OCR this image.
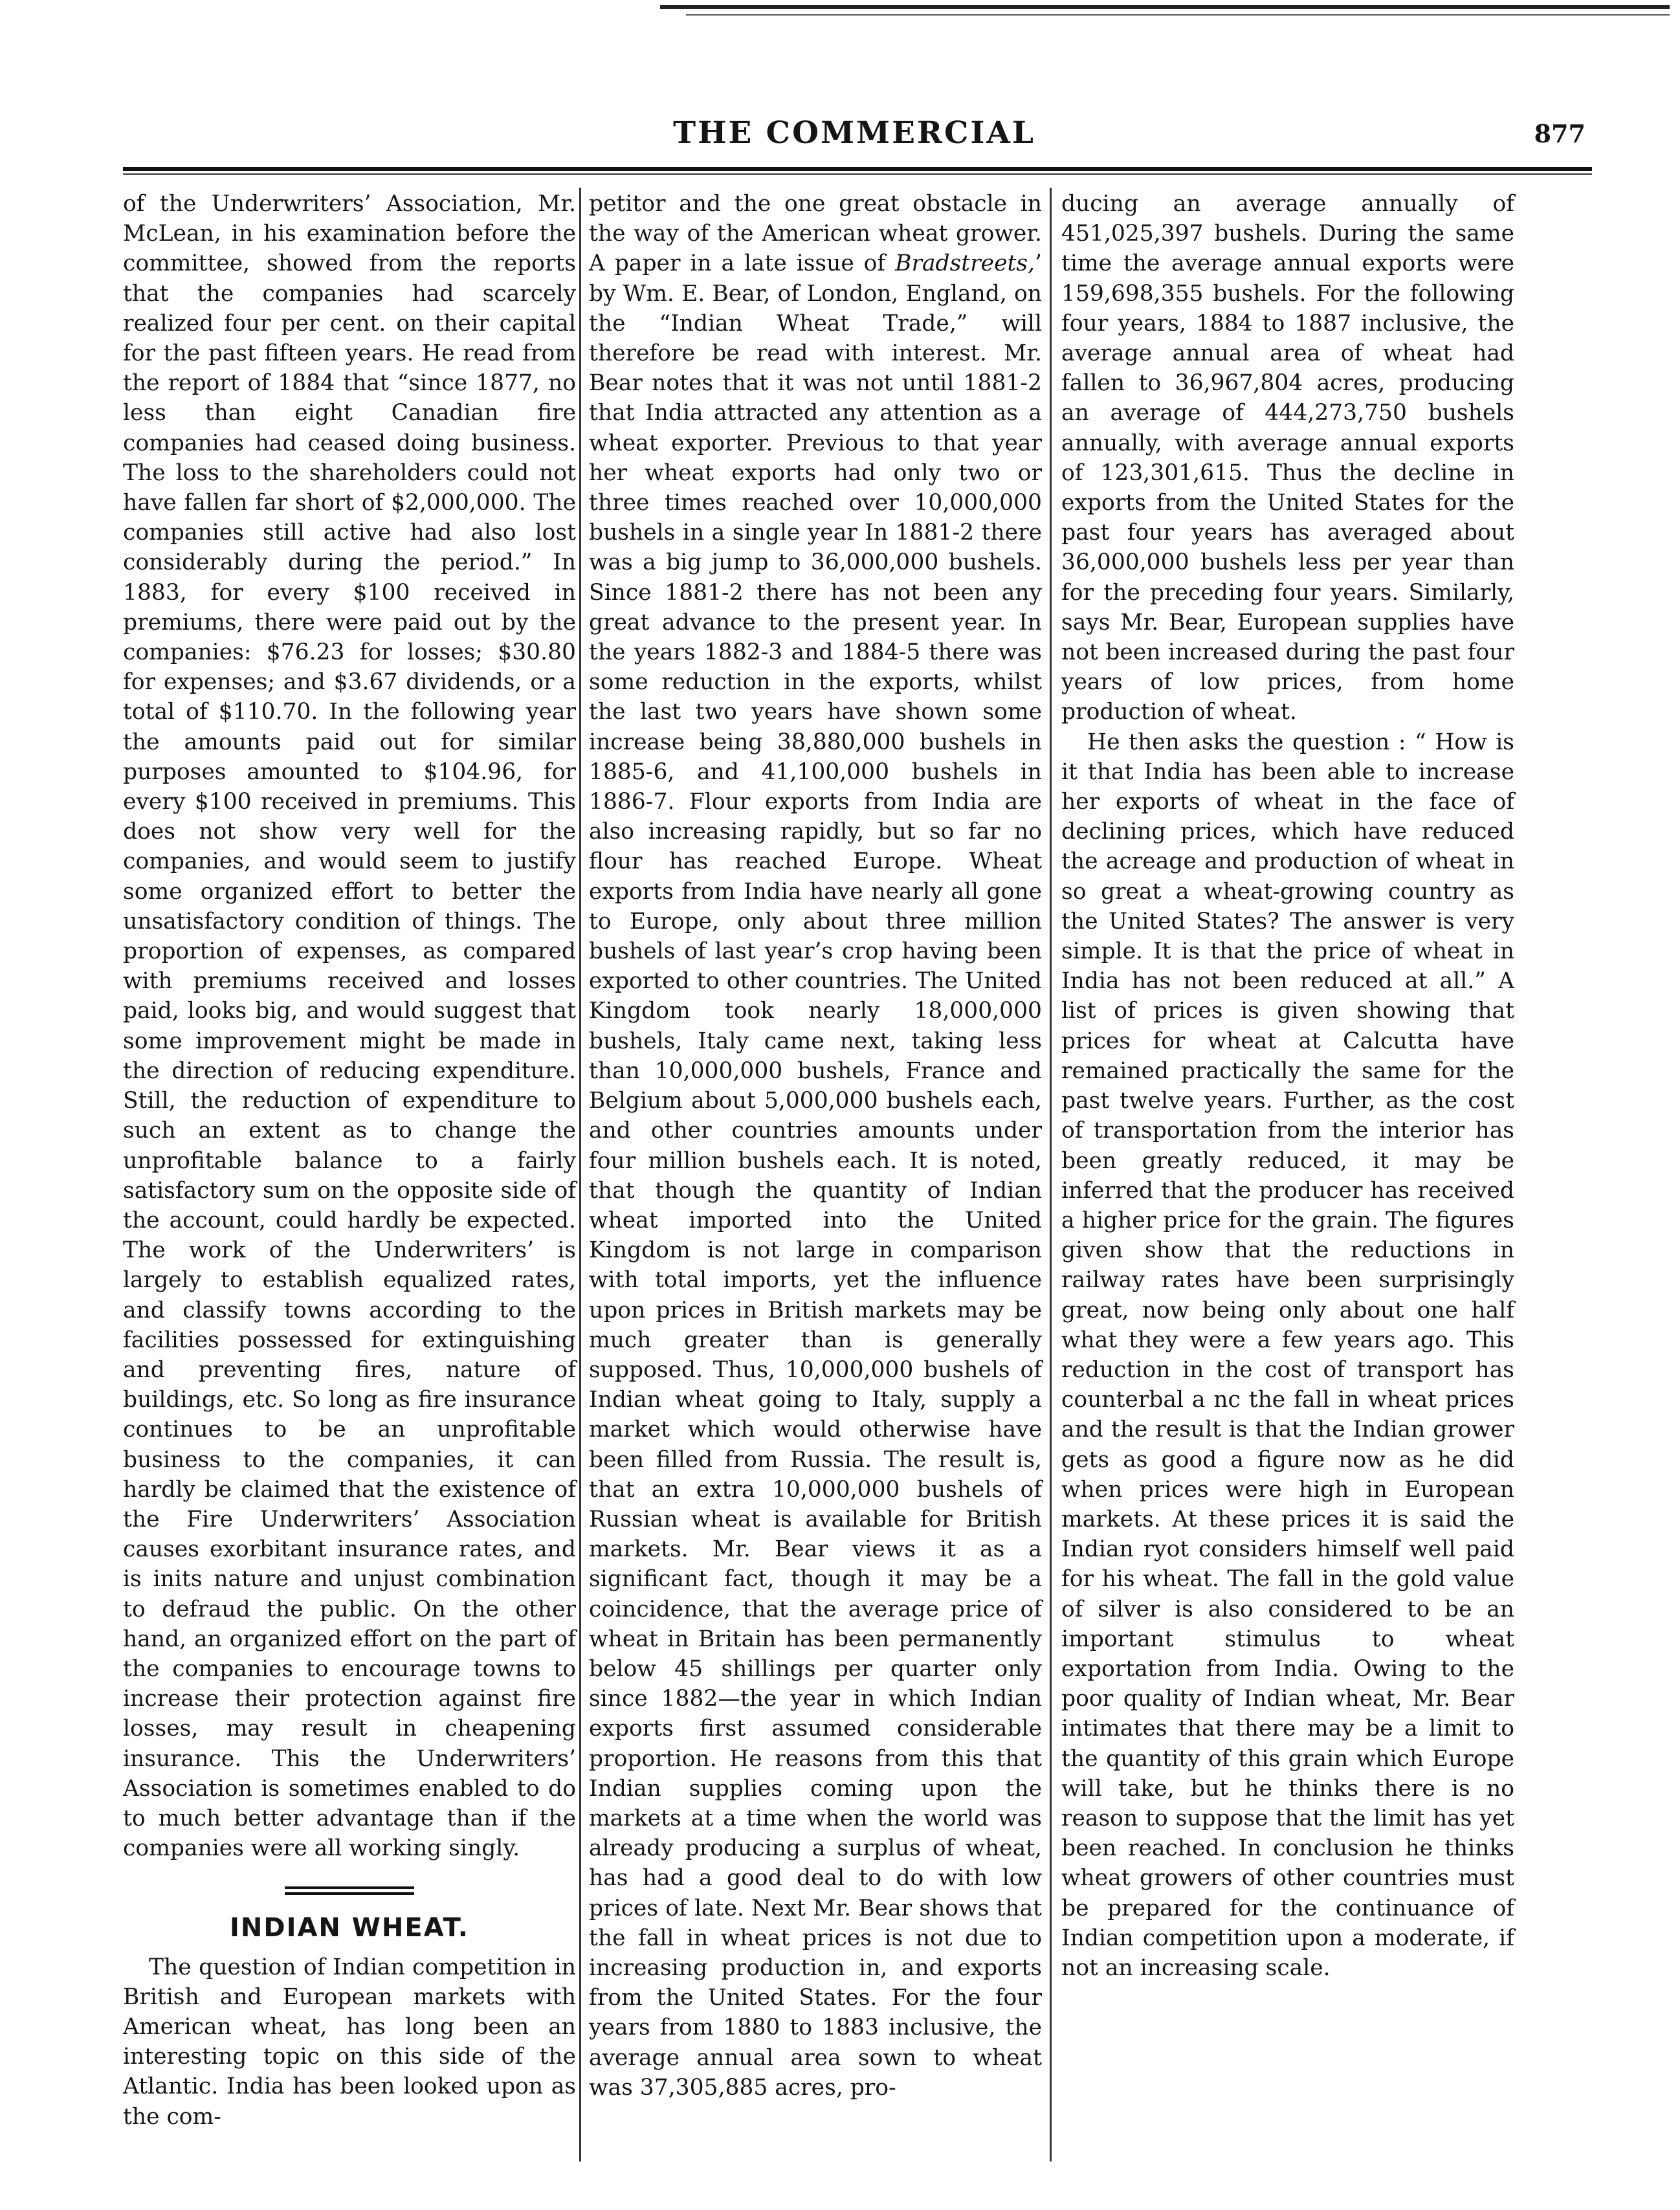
THE COMMERCIAL	877

of the Underwriters’ Association, Mr. McLean, in his examination before the committee, showed from the reports that the companies had scarcely realized four per cent. on their capital for the past fifteen years. He read from the report of 1884 that “since 1877, no less than eight Canadian fire companies had ceased doing business. The loss to the shareholders could not have fallen far short of $2,000,000. The companies still active had also lost considerably during the period.” In 1883, for every $100 received in premiums, there were paid out by the companies: $76.23 for losses; $30.80 for expenses; and $3.67 dividends, or a total of $110.70. In the following year the amounts paid out for similar purposes amounted to $104.96, for every $100 received in premiums. This does not show very well for the companies, and would seem to justify some organized effort to better the unsatisfactory condition of things. The proportion of expenses, as compared with premiums received and losses paid, looks big, and would suggest that some improvement might be made in the direction of reducing expenditure. Still, the reduction of expenditure to such an extent as to change the unprofitable balance to a fairly satisfactory sum on the opposite side of the account, could hardly be expected. The work of the Underwriters’ is largely to establish equalized rates, and classify towns according to the facilities possessed for extinguishing and preventing fires, nature of buildings, etc. So long as fire insurance continues to be an unprofitable business to the companies, it can hardly be claimed that the existence of the Fire Underwriters’ Association causes exorbitant insurance rates, and is inits nature and unjust combination to defraud the public. On the other hand, an organized effort on the part of the companies to encourage towns to increase their protection against fire losses, may result in cheapening insurance. This the Underwriters’ Association is sometimes enabled to do to much better advantage than if the companies were all working singly.

INDIAN WHEAT.

The question of Indian competition in British and European markets with American wheat, has long been an interesting topic on this side of the Atlantic. India has been looked upon as the com-

petitor and the one great obstacle in the way of the American wheat grower. A paper in a late issue of Bradstreets,’ by Wm. E. Bear, of London, England, on the “Indian Wheat Trade,” will therefore be read with interest. Mr. Bear notes that it was not until 1881-2 that India attracted any attention as a wheat exporter. Previous to that year her wheat exports had only two or three times reached over 10,000,000 bushels in a single year In 1881-2 there was a big jump to 36,000,000 bushels. Since 1881-2 there has not been any great advance to the present year. In the years 1882-3 and 1884-5 there was some reduction in the exports, whilst the last two years have shown some increase being 38,880,000 bushels in 1885-6, and 41,100,000 bushels in 1886-7. Flour exports from India are also increasing rapidly, but so far no flour has reached Europe. Wheat exports from India have nearly all gone to Europe, only about three million bushels of last year’s crop having been exported to other countries. The United Kingdom took nearly 18,000,000 bushels, Italy came next, taking less than 10,000,000 bushels, France and Belgium about 5,000,000 bushels each, and other countries amounts under four million bushels each. It is noted, that though the quantity of Indian wheat imported into the United Kingdom is not large in comparison with total imports, yet the influence upon prices in British markets may be much greater than is generally supposed. Thus, 10,000,000 bushels of Indian wheat going to Italy, supply a market which would otherwise have been filled from Russia. The result is, that an extra 10,000,000 bushels of Russian wheat is available for British markets. Mr. Bear views it as a significant fact, though it may be a coincidence, that the average price of wheat in Britain has been permanently below 45 shillings per quarter only since 1882—the year in which Indian exports first assumed considerable proportion. He reasons from this that Indian supplies coming upon the markets at a time when the world was already producing a surplus of wheat, has had a good deal to do with low prices of late. Next Mr. Bear shows that the fall in wheat prices is not due to increasing production in, and exports from the United States. For the four years from 1880 to 1883 inclusive, the average annual area sown to wheat was 37,305,885 acres, pro-

ducing an average annually of 451,025,397 bushels. During the same time the average annual exports were 159,698,355 bushels. For the following four years, 1884 to 1887 inclusive, the average annual area of wheat had fallen to 36,967,804 acres, producing an average of 444,273,750 bushels annually, with average annual exports of 123,301,615. Thus the decline in exports from the United States for the past four years has averaged about 36,000,000 bushels less per year than for the preceding four years. Similarly, says Mr. Bear, European supplies have not been increased during the past four years of low prices, from home production of wheat.

He then asks the question : “ How is it that India has been able to increase her exports of wheat in the face of declining prices, which have reduced the acreage and production of wheat in so great a wheat-growing country as the United States? The answer is very simple. It is that the price of wheat in India has not been reduced at all.” A list of prices is given showing that prices for wheat at Calcutta have remained practically the same for the past twelve years. Further, as the cost of transportation from the interior has been greatly reduced, it may be inferred that the producer has received a higher price for the grain. The figures given show that the reductions in railway rates have been surprisingly great, now being only about one half what they were a few years ago. This reduction in the cost of transport has counterbal a nc the fall in wheat prices and the result is that the Indian grower gets as good a figure now as he did when prices were high in European markets. At these prices it is said the Indian ryot considers himself well paid for his wheat. The fall in the gold value of silver is also considered to be an important stimulus to wheat exportation from India. Owing to the poor quality of Indian wheat, Mr. Bear intimates that there may be a limit to the quantity of this grain which Europe will take, but he thinks there is no reason to suppose that the limit has yet been reached. In conclusion he thinks wheat growers of other countries must be prepared for the continuance of Indian competition upon a moderate, if not an increasing scale.
